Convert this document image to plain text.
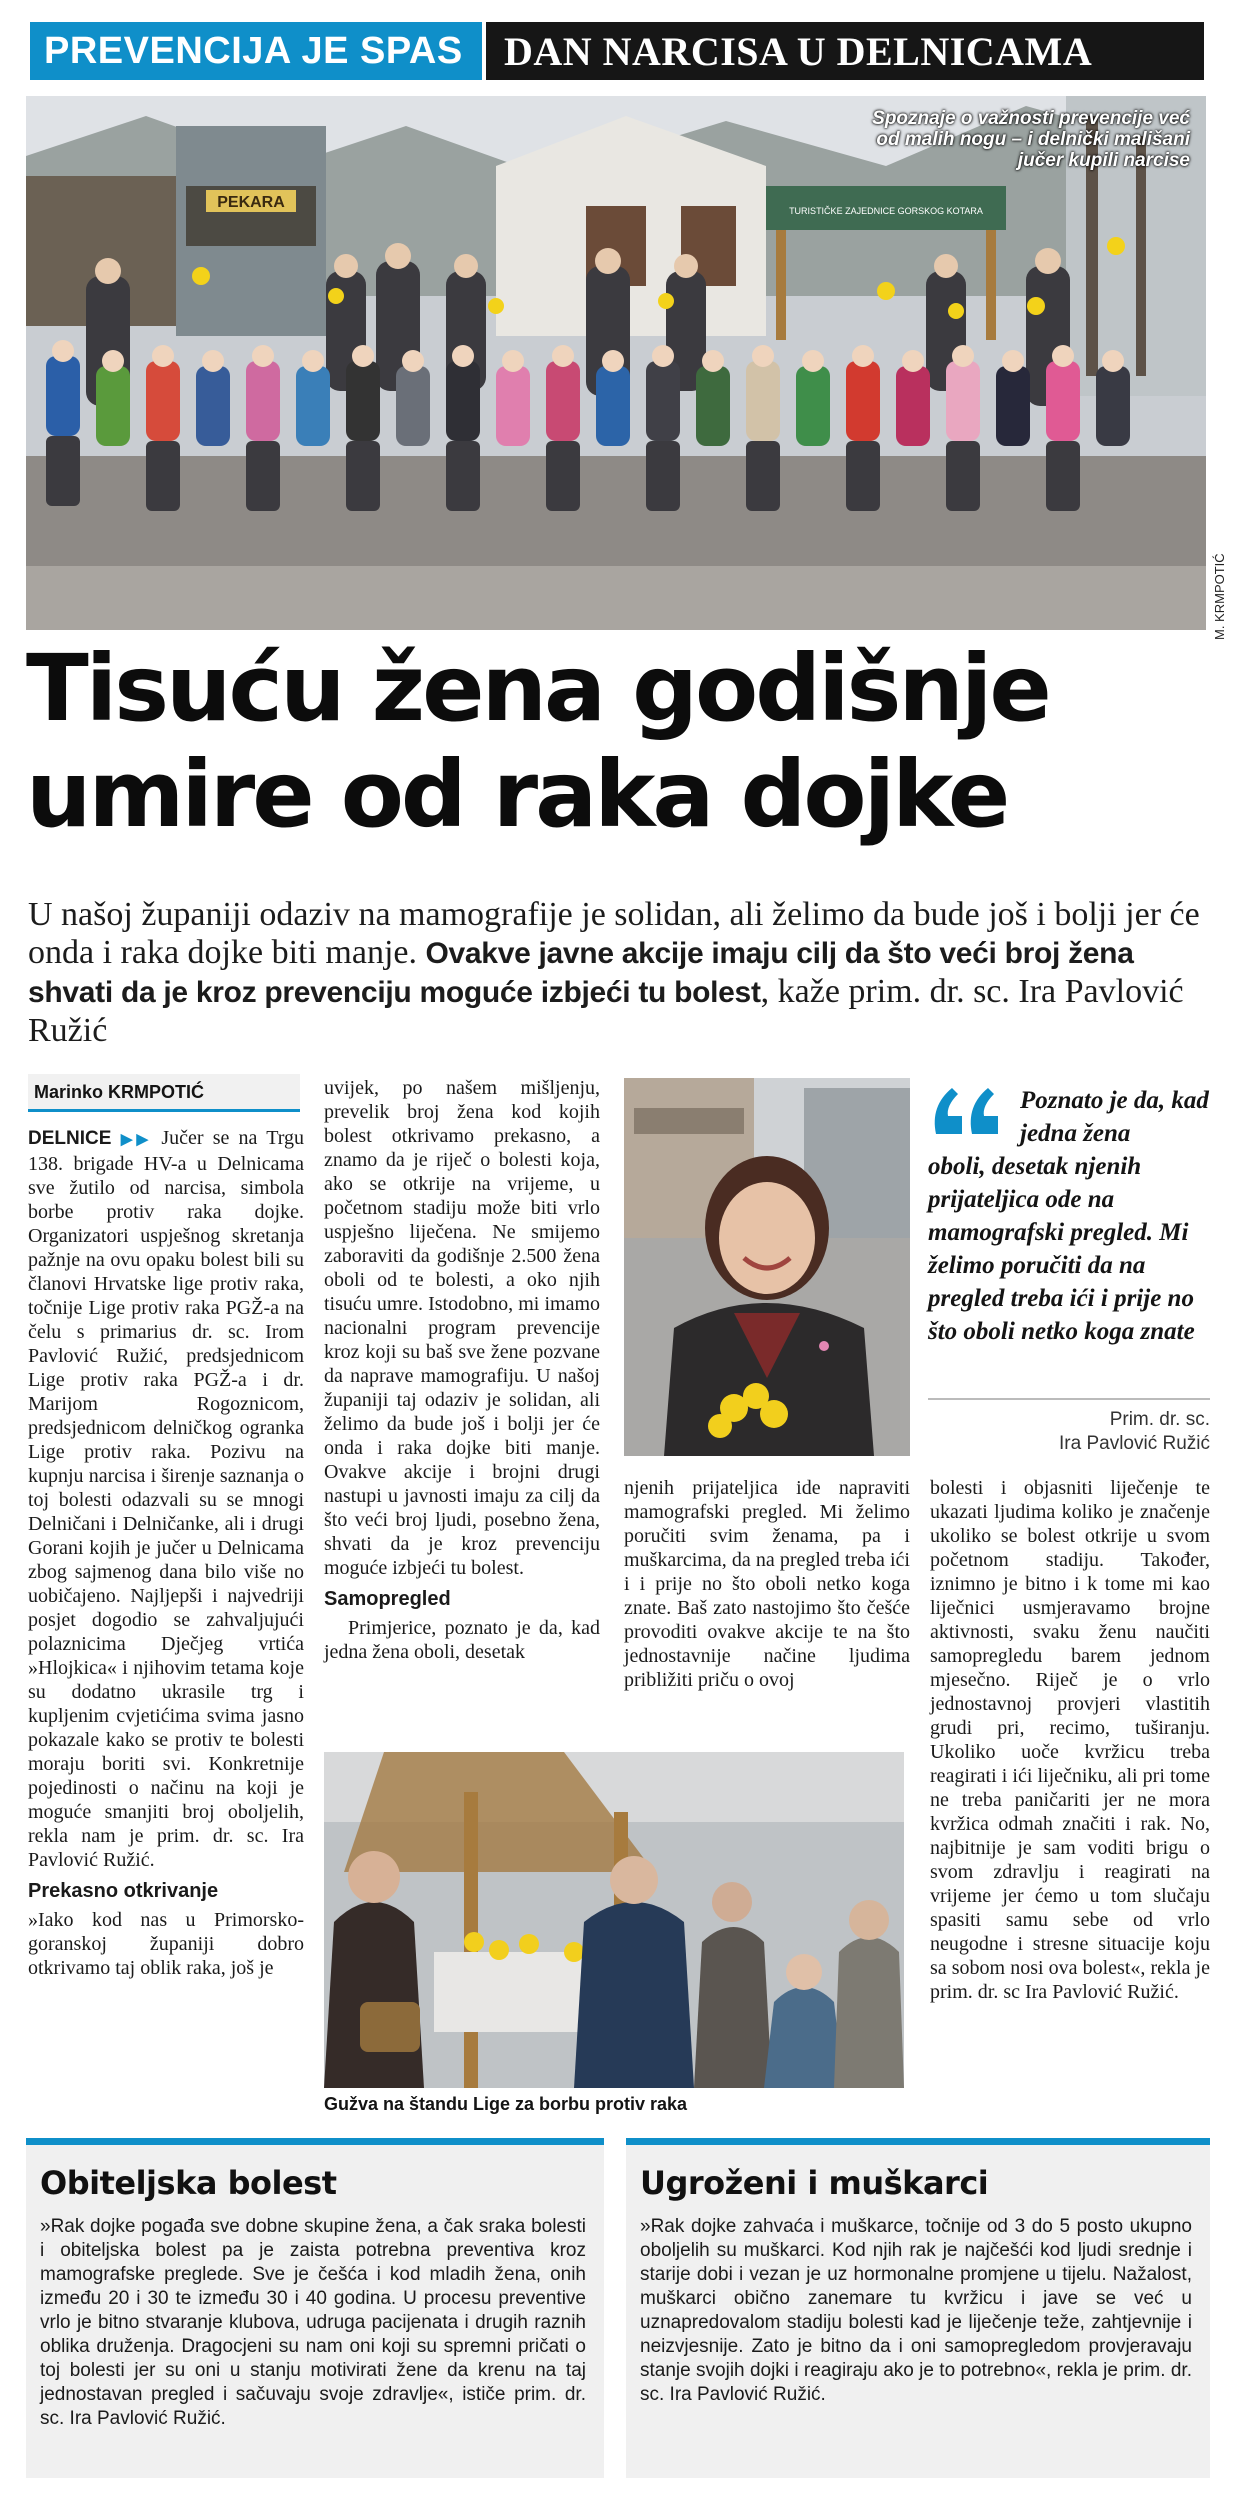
PREVENCIJA JE SPAS	DAN NARCISA U DELNICAMA
PEKARA	TURISTIČKE ZAJEDNICE GORSKOG KOTARA
Spoznaje o važnosti prevencije već od malih nogu – i delnički mališani jučer kupili narcise
M. KRMPOTIĆ
Tisuću žena godišnje
umire od raka dojke
U našoj županiji odaziv na mamografije je solidan, ali želimo da bude još i bolji jer će onda i raka dojke biti manje. Ovakve javne akcije imaju cilj da što veći broj žena shvati da je kroz prevenciju moguće izbjeći tu bolest, kaže prim. dr. sc. Ira Pavlović Ružić
Marinko KRMPOTIĆ

DELNICE ▶▶ Jučer se na Trgu 138. brigade HV-a u Delnicama sve žutilo od narcisa, simbola borbe protiv raka dojke. Organizatori uspješnog skretanja pažnje na ovu opaku bolest bili su članovi Hrvatske lige protiv raka, točnije Lige protiv raka PGŽ-a na čelu s primarius dr. sc. Irom Pavlović Ružić, predsjednicom Lige protiv raka PGŽ-a i dr. Marijom Rogoznicom, predsjednicom delničkog ogranka Lige protiv raka. Pozivu na kupnju narcisa i širenje saznanja o toj bolesti odazvali su se mnogi Delničani i Delničanke, ali i drugi Gorani kojih je jučer u Delnicama zbog sajmenog dana bilo više no uobičajeno. Najljepši i najvedriji posjet dogodio se zahvaljujući polaznicima Dječjeg vrtića »Hlojkica« i njihovim tetama koje su dodatno ukrasile trg i kupljenim cvjetićima svima jasno pokazale kako se protiv te bolesti moraju boriti svi. Konkretnije pojedinosti o načinu na koji je moguće smanjiti broj oboljelih, rekla nam je prim. dr. sc. Ira Pavlović Ružić.

Prekasno otkrivanje

»Iako kod nas u Primorsko-goranskoj županiji dobro otkrivamo taj oblik raka, još je

uvijek, po našem mišljenju, prevelik broj žena kod kojih bolest otkrivamo prekasno, a znamo da je riječ o bolesti koja, ako se otkrije na vrijeme, u početnom stadiju može biti vrlo uspješno liječena. Ne smijemo zaboraviti da godišnje 2.500 žena oboli od te bolesti, a oko njih tisuću umre. Istodobno, mi imamo nacionalni program prevencije kroz koji su baš sve žene pozvane da naprave mamografiju. U našoj županiji taj odaziv je solidan, ali želimo da bude još i bolji jer će onda i raka dojke biti manje. Ovakve akcije i brojni drugi nastupi u javnosti imaju za cilj da što veći broj ljudi, posebno žena, shvati da je kroz prevenciju moguće izbjeći tu bolest.

Samopregled

Primjerice, poznato je da, kad jedna žena oboli, desetak

njenih prijateljica ide napraviti mamografski pregled. Mi želimo poručiti svim ženama, pa i muškarcima, da na pregled treba ići i i prije no što oboli netko koga znate. Baš zato nastojimo što češće provoditi ovakve akcije te na što jednostavnije načine ljudima približiti priču o ovoj

Poznato je da, kad jedna žena
oboli, desetak njenih prijateljica ode na mamografski pregled. Mi želimo poručiti da na pregled treba ići i prije no što oboli netko koga znate
Prim. dr. sc.
Ira Pavlović Ružić

bolesti i objasniti liječenje te ukazati ljudima koliko je značenje ukoliko se bolest otkrije u svom početnom stadiju. Također, iznimno je bitno i k tome mi kao liječnici usmjeravamo brojne aktivnosti, svaku ženu naučiti samopregledu barem jednom mjesečno. Riječ je o vrlo jednostavnoj provjeri vlastitih grudi pri, recimo, tuširanju. Ukoliko uoče kvržicu treba reagirati i ići liječniku, ali pri tome ne treba paničariti jer ne mora kvržica odmah značiti i rak. No, najbitnije je sam voditi brigu o svom zdravlju i reagirati na vrijeme jer ćemo u tom slučaju spasiti samu sebe od vrlo neugodne i stresne situacije koju sa sobom nosi ova bolest«, rekla je prim. dr. sc Ira Pavlović Ružić.

Gužva na štandu Lige za borbu protiv raka
Obiteljska bolest

»Rak dojke pogađa sve dobne skupine žena, a čak sraka bolesti i obiteljska bolest pa je zaista potrebna preventiva kroz mamografske preglede. Sve je češća i kod mladih žena, onih između 20 i 30 te između 30 i 40 godina. U procesu preventive vrlo je bitno stvaranje klubova, udruga pacijenata i drugih raznih oblika druženja. Dragocjeni su nam oni koji su spremni pričati o toj bolesti jer su oni u stanju motivirati žene da krenu na taj jednostavan pregled i sačuvaju svoje zdravlje«, ističe prim. dr. sc. Ira Pavlović Ružić.

Ugroženi i muškarci

»Rak dojke zahvaća i muškarce, točnije od 3 do 5 posto ukupno oboljelih su muškarci. Kod njih rak je najčešći kod ljudi srednje i starije dobi i vezan je uz hormonalne promjene u tijelu. Nažalost, muškarci obično zanemare tu kvržicu i jave se već u uznapredovalom stadiju bolesti kad je liječenje teže, zahtjevnije i neizvjesnije. Zato je bitno da i oni samopregledom provjeravaju stanje svojih dojki i reagiraju ako je to potrebno«, rekla je prim. dr. sc. Ira Pavlović Ružić.
